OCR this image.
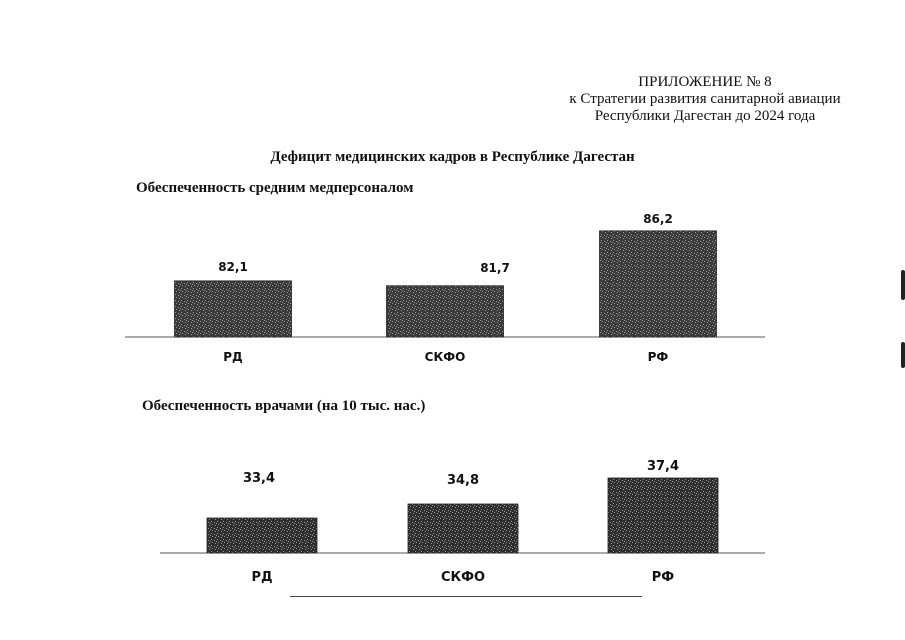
ПРИЛОЖЕНИЕ № 8
к Стратегии развития санитарной авиации
Республики Дагестан до 2024 года
Дефицит медицинских кадров в Республике Дагестан
Обеспеченность средним медперсоналом
82,1
РД
81,7
СКФО
86,2
РФ
Обеспеченность врачами (на 10 тыс. нас.)
33,4
РД
34,8
СКФО
37,4
РФ
